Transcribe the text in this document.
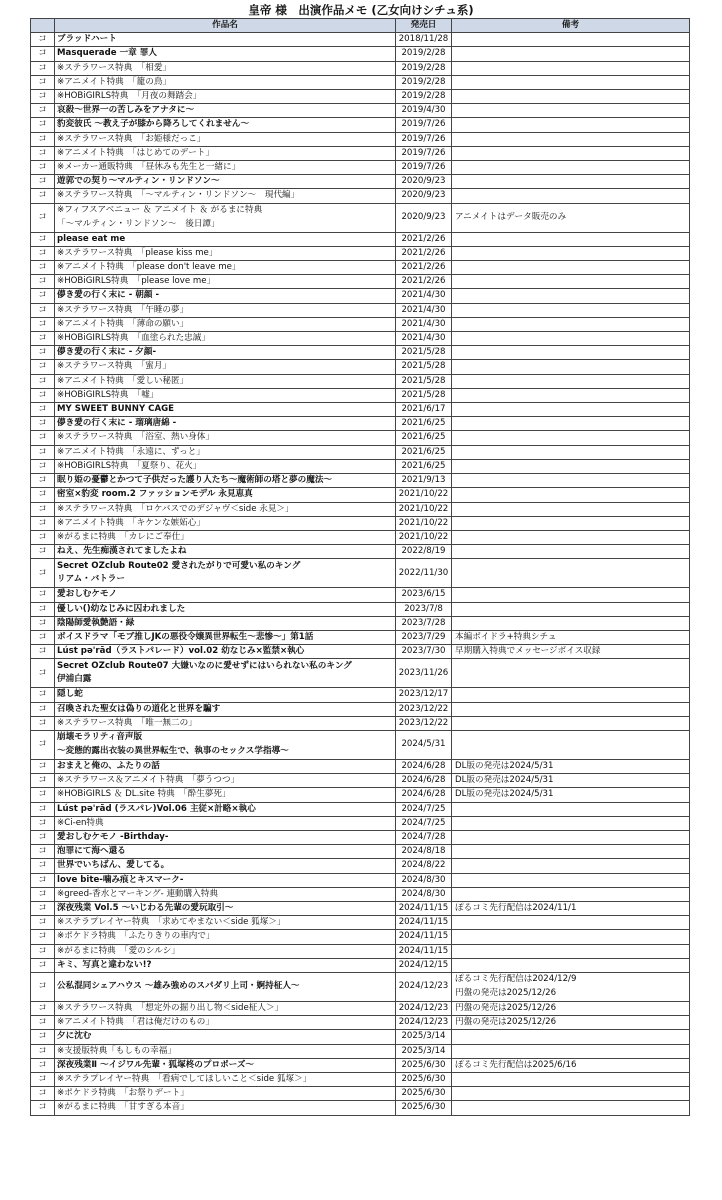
皇帝 様　出演作品メモ (乙女向けシチュ系)
	作品名	発売日	備考
コ	ブラッドハート	2018/11/28	
コ	Masquerade 一章 罪人	2019/2/28	
コ	※ステラワース特典　「相愛」	2019/2/28	
コ	※アニメイト特典　「籠の鳥」	2019/2/28	
コ	※HOBiGIRLS特典　「月夜の舞踏会」	2019/2/28	
コ	哀殺～世界一の苦しみをアナタに～	2019/4/30	
コ	豹変彼氏 ～教え子が膝から降ろしてくれません～	2019/7/26	
コ	※ステラワース特典　「お姫様だっこ」	2019/7/26	
コ	※アニメイト特典　「はじめてのデート」	2019/7/26	
コ	※メーカー通販特典　「昼休みも先生と一緒に」	2019/7/26	
コ	遊郭での契り～マルティン・リンドソン～	2020/9/23	
コ	※ステラワース特典　「～マルティン・リンドソン～　現代編」	2020/9/23	
コ	※フィフスアベニュー ＆ アニメイト ＆ がるまに特典
「～マルティン・リンドソン～　後日譚」	2020/9/23	アニメイトはデータ販売のみ
コ	please eat me	2021/2/26	
コ	※ステラワース特典　「please kiss me」	2021/2/26	
コ	※アニメイト特典　「please don't leave me」	2021/2/26	
コ	※HOBiGIRLS特典　「please love me」	2021/2/26	
コ	儚き愛の行く末に - 朝顔 -	2021/4/30	
コ	※ステラワース特典　「午睡の夢」	2021/4/30	
コ	※アニメイト特典　「薄命の願い」	2021/4/30	
コ	※HOBiGIRLS特典　「血塗られた忠誠」	2021/4/30	
コ	儚き愛の行く末に - 夕顔-	2021/5/28	
コ	※ステラワース特典　「蜜月」	2021/5/28	
コ	※アニメイト特典　「愛しい秘匿」	2021/5/28	
コ	※HOBiGIRLS特典　「嘘」	2021/5/28	
コ	MY SWEET BUNNY CAGE	2021/6/17	
コ	儚き愛の行く末に - 瑠璃唐綿 -	2021/6/25	
コ	※ステラワース特典　「浴室、熱い身体」	2021/6/25	
コ	※アニメイト特典　「永遠に、ずっと」	2021/6/25	
コ	※HOBiGIRLS特典　「夏祭り、花火」	2021/6/25	
コ	眠り姫の憂鬱とかつて子供だった護り人たち～魔術師の塔と夢の魔法～	2021/9/13	
コ	密室×豹変 room.2 ファッションモデル 永見恵真	2021/10/22	
コ	※ステラワース特典　「ロケバスでのデジャヴ＜side 永見＞」	2021/10/22	
コ	※アニメイト特典　「キケンな嫉妬心」	2021/10/22	
コ	※がるまに特典　「カレにご奉仕」	2021/10/22	
コ	ねえ、先生痴漢されてましたよね	2022/8/19	
コ	Secret OZclub Route02 愛されたがりで可愛い私のキング
リアム・バトラー	2022/11/30	
コ	愛おしむケモノ	2023/6/15	
コ	優しい()幼なじみに囚われました	2023/7/8	
コ	陰陽師愛執艶語・緑	2023/7/28	
コ	ボイスドラマ「モブ推しJKの悪役令嬢異世界転生～悲惨～」第1話	2023/7/29	本編ボイドラ+特典シチュ
コ	Lúst pə'rād（ラストパレード）vol.02 幼なじみ×監禁×執心	2023/7/30	早期購入特典でメッセージボイス収録
コ	Secret OZclub Route07 大嫌いなのに愛せずにはいられない私のキング
伊浦白露	2023/11/26	
コ	隠し蛇	2023/12/17	
コ	召喚された聖女は偽りの道化と世界を騙す	2023/12/22	
コ	※ステラワース特典　「唯一無二の」	2023/12/22	
コ	崩壊モラリティ音声版
～変態的露出衣装の異世界転生で、執事のセックス学指導～	2024/5/31	
コ	おまえと俺の、ふたりの話	2024/6/28	DL版の発売は2024/5/31
コ	※ステラワース＆アニメイト特典　「夢うつつ」	2024/6/28	DL版の発売は2024/5/31
コ	※HOBiGIRLS ＆ DL.site 特典　「酔生夢死」	2024/6/28	DL版の発売は2024/5/31
コ	Lúst pə'rād (ラスパレ)Vol.06 主従×計略×執心	2024/7/25	
コ	※Ci-en特典	2024/7/25	
コ	愛おしむケモノ -Birthday-	2024/7/28	
コ	泡罪にて海へ還る	2024/8/18	
コ	世界でいちばん、愛してる。	2024/8/22	
コ	love bite-噛み痕とキスマーク-	2024/8/30	
コ	※greed-香水とマーキング- 連動購入特典	2024/8/30	
コ	深夜残業 Vol.5 ～いじわる先輩の愛玩取引～	2024/11/15	ぽるコミ先行配信は2024/11/1
コ	※ステラプレイヤー特典　「求めてやまない＜side 狐塚＞」	2024/11/15	
コ	※ポケドラ特典　「ふたりきりの車内で」	2024/11/15	
コ	※がるまに特典　「愛のシルシ」	2024/11/15	
コ	キミ、写真と違わない!?	2024/12/15	
コ	公私混同シェアハウス ～雄み強めのスパダリ上司・婀持柾人～	2024/12/23	ぽるコミ先行配信は2024/12/9
円盤の発売は2025/12/26

コ	※ステラワース特典　「想定外の掘り出し物＜side柾人＞」	2024/12/23	円盤の発売は2025/12/26
コ	※アニメイト特典　「君は俺だけのもの」	2024/12/23	円盤の発売は2025/12/26
コ	夕に沈む	2025/3/14	
コ	※支援版特典「もしもの幸福」	2025/3/14	
コ	深夜残業Ⅱ ～イジワル先輩・狐塚柊のプロポーズ～	2025/6/30	ぽるコミ先行配信は2025/6/16
コ	※ステラプレイヤー特典　「看病でしてほしいこと＜side 狐塚＞」	2025/6/30	
コ	※ポケドラ特典　「お祭りデート」	2025/6/30	
コ	※がるまに特典　「甘すぎる本音」	2025/6/30	
